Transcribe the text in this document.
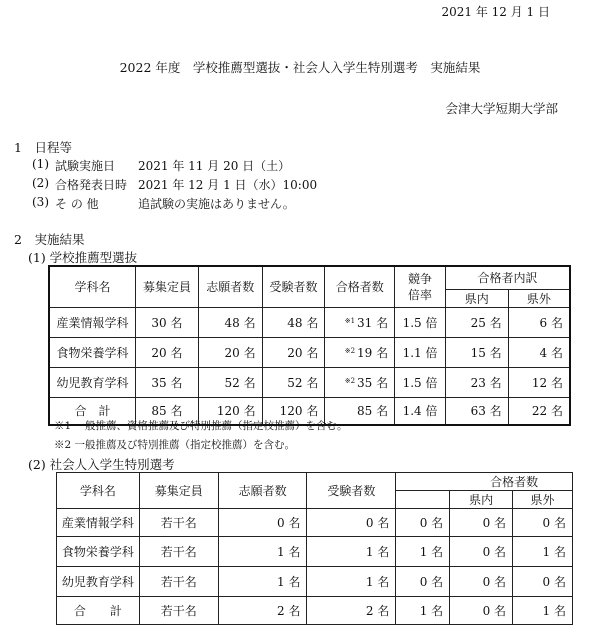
2021 年 12 月 1 日
2022 年度　学校推薦型選抜・社会人入学生特別選考　実施結果
会津大学短期大学部
1　日程等
(1) 試験実施日 2021 年 11 月 20 日（土）
(2) 合格発表日時 2021 年 12 月 1 日（水）10:00
(3) そ の 他	追試験の実施はありません。
2　実施結果
(1) 学校推薦型選抜
学科名	募集定員	志願者数	受験者数	合格者数	競争
倍率	合格者内訳	
						県内	県外
産業情報学科	30 名	48 名	48 名	$^{※1}$ 31 名	1.5 倍	25 名	6 名
食物栄養学科	20 名	20 名	20 名	$^{※2}$ 19 名	1.1 倍	15 名	4 名
幼児教育学科	35 名	52 名	52 名	$^{※2}$ 35 名	1.5 倍	23 名	12 名
合　計	85 名	120 名	120 名	85 名	1.4 倍	63 名	22 名
※1 一般推薦、資格推薦及び特別推薦（指定校推薦）を含む。
※2 一般推薦及び特別推薦（指定校推薦）を含む。
(2) 社会人入学生特別選考
学科名	募集定員	志願者数	受験者数	合格者数		
					県内	県外
産業情報学科	若干名	0 名	0 名	0 名	0 名	0 名
食物栄養学科	若干名	1 名	1 名	1 名	0 名	1 名
幼児教育学科	若干名	1 名	1 名	0 名	0 名	0 名
合　　計	若干名	2 名	2 名	1 名	0 名	1 名
